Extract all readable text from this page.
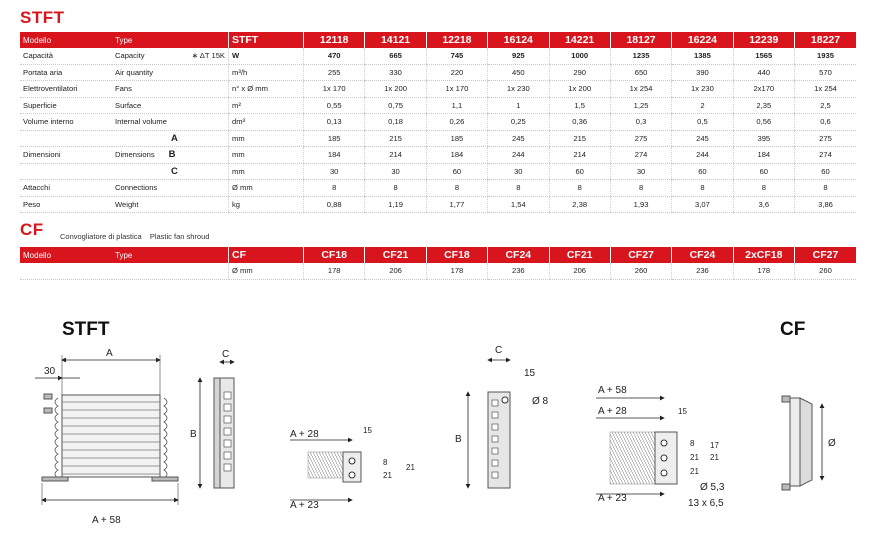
STFT
Modello	Type	STFT	12118	14121	12218	16124	14221	18127	16224	12239	18227
Capacità	Capacity ∗ ΔT 15K	W	470	665	745	925	1000	1235	1385	1565	1935
Portata aria	Air quantity	m³/h	255	330	220	450	290	650	390	440	570
Elettroventilatori	Fans	n° x Ø mm	1x 170	1x 200	1x 170	1x 230	1x 200	1x 254	1x 230	2x170	1x 254
Superficie	Surface	m²	0,55	0,75	1,1	1	1,5	1,25	2	2,35	2,5
Volume interno	Internal volume	dm³	0,13	0,18	0,26	0,25	0,36	0,3	0,5	0,56	0,6
	A	mm	185	215	185	245	215	275	245	395	275
Dimensioni	Dimensions B	mm	184	214	184	244	214	274	244	184	274
	C	mm	30	30	60	30	60	30	60	60	60
Attacchi	Connections	Ø mm	8	8	8	8	8	8	8	8	8
Peso	Weight	kg	0,88	1,19	1,77	1,54	2,38	1,93	3,07	3,6	3,86
CF Convogliatore di plastica Plastic fan shroud
Modello	Type	CF	CF18	CF21	CF18	CF24	CF21	CF27	CF24	2xCF18	CF27
		Ø mm	178	206	178	236	206	260	236	178	260
STFT	CF
A
30
A + 58
C
B	A + 28	15
8
21
21
A + 23
C
15
Ø 8
B
A + 58
A + 28	15
8
21
21
17
21
A + 23
Ø 5,3
13 x 6,5
Ø
